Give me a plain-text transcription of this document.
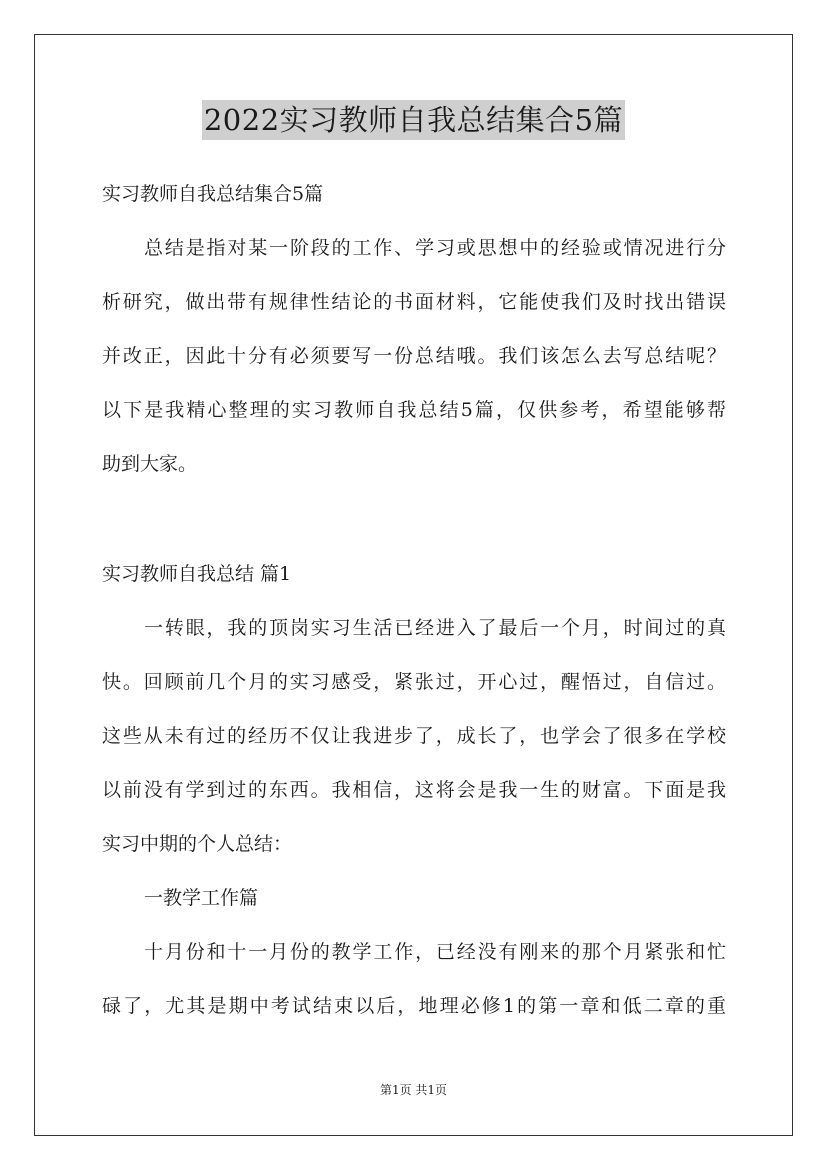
2022实习教师自我总结集合5篇
实习教师自我总结集合5篇
总结是指对某一阶段的工作、学习或思想中的经验或情况进行分
析研究，做出带有规律性结论的书面材料，它能使我们及时找出错误
并改正，因此十分有必须要写一份总结哦。我们该怎么去写总结呢？
以下是我精心整理的实习教师自我总结5篇，仅供参考，希望能够帮
助到大家。
实习教师自我总结 篇1
一转眼，我的顶岗实习生活已经进入了最后一个月，时间过的真
快。回顾前几个月的实习感受，紧张过，开心过，醒悟过，自信过。
这些从未有过的经历不仅让我进步了，成长了，也学会了很多在学校
以前没有学到过的东西。我相信，这将会是我一生的财富。下面是我
实习中期的个人总结：
一教学工作篇
十月份和十一月份的教学工作，已经没有刚来的那个月紧张和忙
碌了，尤其是期中考试结束以后，地理必修1的第一章和低二章的重
第1页 共1页
